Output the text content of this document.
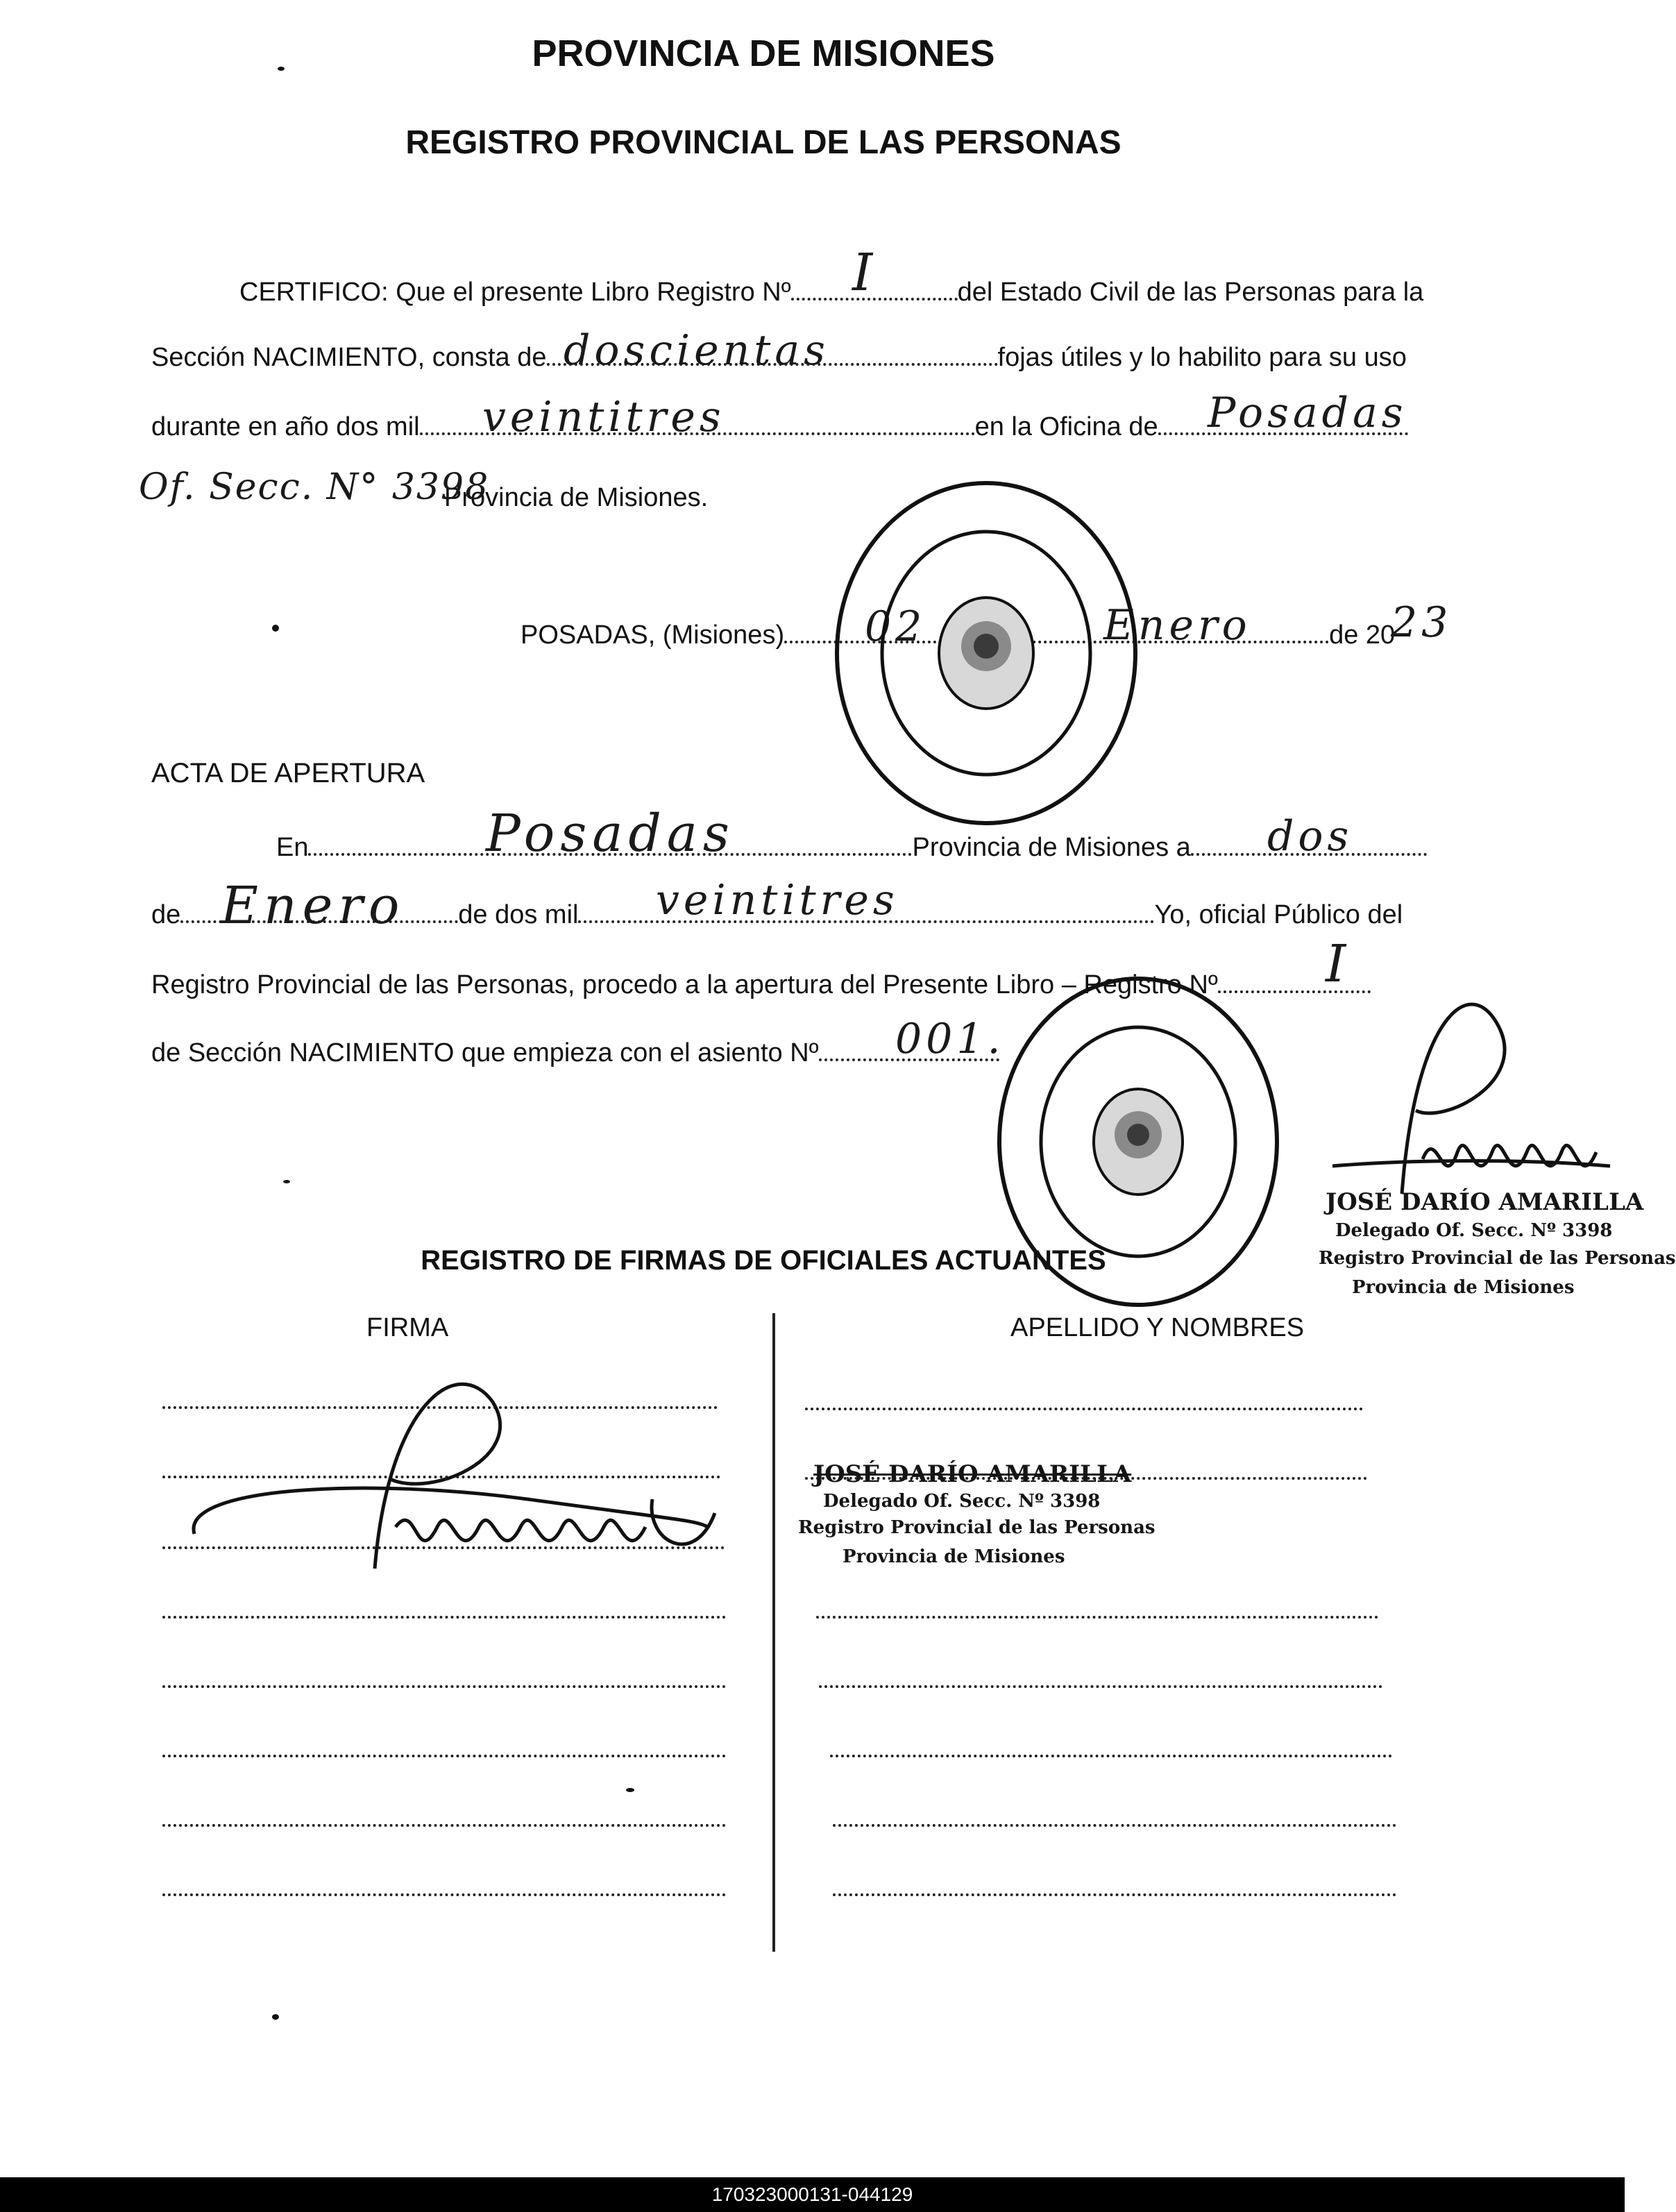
PROVINCIA DE MISIONES
REGISTRO PROVINCIAL DE LAS PERSONAS
CERTIFICO: Que el presente Libro Registro Nº	del Estado Civil de las Personas para la
I
Sección NACIMIENTO, consta de	fojas útiles y lo habilito para su uso
doscientas
durante en año dos mil	en la Oficina de
veintitres	Posadas
Provincia de Misiones.
Of. Secc. N° 3398
POSADAS, (Misiones)	de 20
02	Enero	23
ACTA DE APERTURA
En	Provincia de Misiones a
Posadas	dos
de	de dos mil	Yo, oficial Público del
Enero	veintitres
Registro Provincial de las Personas, procedo a la apertura del Presente Libro – Registro Nº	I
de Sección NACIMIENTO que empieza con el asiento Nº	001.
REGISTRO DE FIRMAS DE OFICIALES ACTUANTES
FIRMA	APELLIDO Y NOMBRES
JOSÉ DARÍO AMARILLA
Delegado Of. Secc. Nº 3398
Registro Provincial de las Personas
Provincia de Misiones
JOSÉ DARÍO AMARILLA
Delegado Of. Secc. Nº 3398
Registro Provincial de las Personas
Provincia de Misiones
170323000131-044129
